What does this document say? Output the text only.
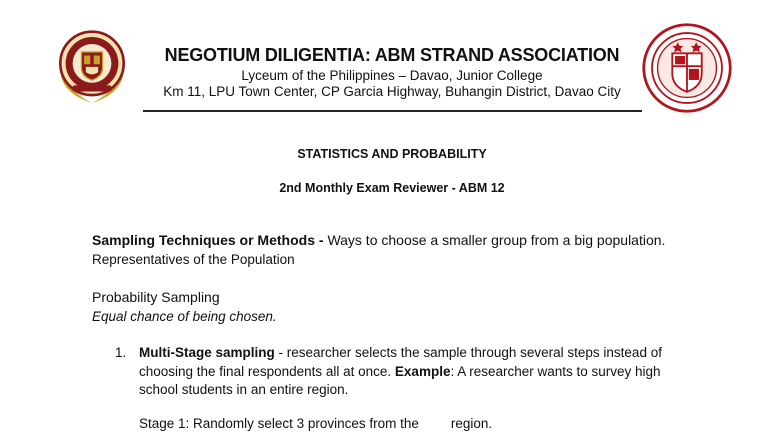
NEGOTIUM DILIGENTIA: ABM STRAND ASSOCIATION
Lyceum of the Philippines – Davao, Junior College
Km 11, LPU Town Center, CP Garcia Highway, Buhangin District, Davao City
STATISTICS AND PROBABILITY
2nd Monthly Exam Reviewer - ABM 12
Sampling Techniques or Methods - Ways to choose a smaller group from a big population.
Representatives of the Population
Probability Sampling
Equal chance of being chosen.
1. Multi-Stage sampling - researcher selects the sample through several steps instead of
choosing the final respondents all at once. Example: A researcher wants to survey high
school students in an entire region.
Stage 1: Randomly select 3 provinces from the region.
